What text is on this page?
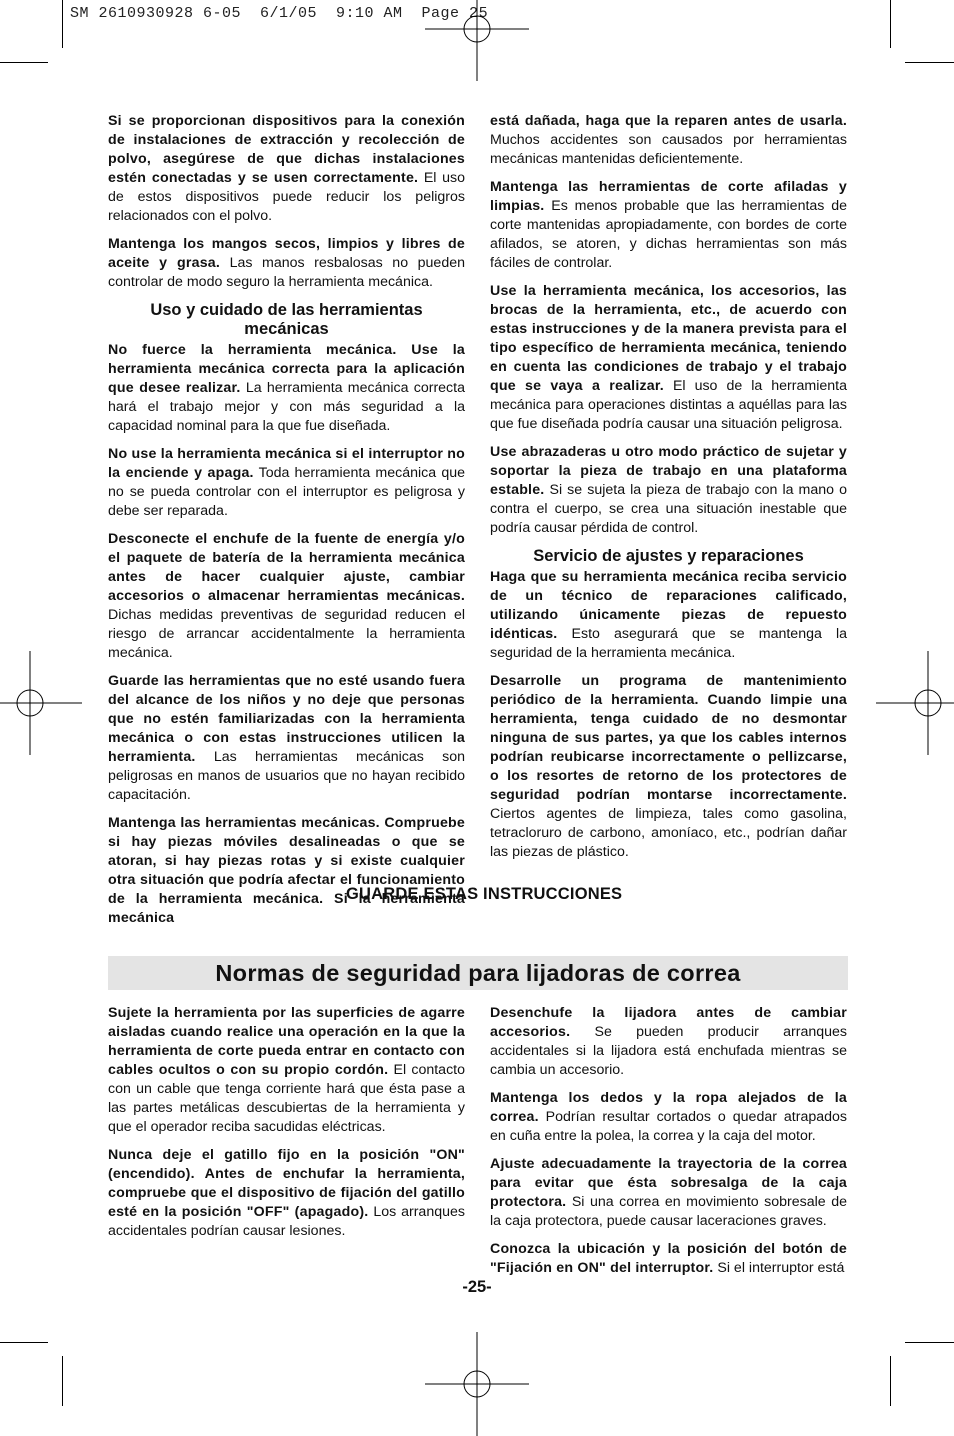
SM 2610930928 6-05  6/1/05  9:10 AM  Page 25

Si se proporcionan dispositivos para la conexión de instalaciones de extracción y recolección de polvo, asegúrese de que dichas instalaciones estén conectadas y se usen correctamente. El uso de estos dispositivos puede reducir los peligros relacionados con el polvo.

Mantenga los mangos secos, limpios y libres de aceite y grasa. Las manos resbalosas no pueden controlar de modo seguro la herramienta mecánica.

Uso y cuidado de las herramientas mecánicas

No fuerce la herramienta mecánica. Use la herramienta mecánica correcta para la aplicación que desee realizar. La herramienta mecánica correcta hará el trabajo mejor y con más seguridad a la capacidad nominal para la que fue diseñada.

No use la herramienta mecánica si el interruptor no la enciende y apaga. Toda herramienta mecánica que no se pueda controlar con el interruptor es peligrosa y debe ser reparada.

Desconecte el enchufe de la fuente de energía y/o el paquete de batería de la herramienta mecánica antes de hacer cualquier ajuste, cambiar accesorios o almacenar herramientas mecánicas. Dichas medidas preventivas de seguridad reducen el riesgo de arrancar accidentalmente la herramienta mecánica.

Guarde las herramientas que no esté usando fuera del alcance de los niños y no deje que personas que no estén familiarizadas con la herramienta mecánica o con estas instrucciones utilicen la herramienta. Las herramientas mecánicas son peligrosas en manos de usuarios que no hayan recibido capacitación.

Mantenga las herramientas mecánicas. Compruebe si hay piezas móviles desalineadas o que se atoran, si hay piezas rotas y si existe cualquier otra situación que podría afectar el funcionamiento de la herramienta mecánica. Si la herramienta mecánica

está dañada, haga que la reparen antes de usarla. Muchos accidentes son causados por herramientas mecánicas mantenidas deficientemente.

Mantenga las herramientas de corte afiladas y limpias. Es menos probable que las herramientas de corte mantenidas apropiadamente, con bordes de corte afilados, se atoren, y dichas herramientas son más fáciles de controlar.

Use la herramienta mecánica, los accesorios, las brocas de la herramienta, etc., de acuerdo con estas instrucciones y de la manera prevista para el tipo específico de herramienta mecánica, teniendo en cuenta las condiciones de trabajo y el trabajo que se vaya a realizar. El uso de la herramienta mecánica para operaciones distintas a aquéllas para las que fue diseñada podría causar una situación peligrosa.

Use abrazaderas u otro modo práctico de sujetar y soportar la pieza de trabajo en una plataforma estable. Si se sujeta la pieza de trabajo con la mano o contra el cuerpo, se crea una situación inestable que podría causar pérdida de control.

Servicio de ajustes y reparaciones

Haga que su herramienta mecánica reciba servicio de un técnico de reparaciones calificado, utilizando únicamente piezas de repuesto idénticas. Esto asegurará que se mantenga la seguridad de la herramienta mecánica.

Desarrolle un programa de mantenimiento periódico de la herramienta. Cuando limpie una herramienta, tenga cuidado de no desmontar ninguna de sus partes, ya que los cables internos podrían reubicarse incorrectamente o pellizcarse, o los resortes de retorno de los protectores de seguridad podrían montarse incorrectamente. Ciertos agentes de limpieza, tales como gasolina, tetracloruro de carbono, amoníaco, etc., podrían dañar las piezas de plástico.

GUARDE ESTAS INSTRUCCIONES
Normas de seguridad para lijadoras de correa

Sujete la herramienta por las superficies de agarre aisladas cuando realice una operación en la que la herramienta de corte pueda entrar en contacto con cables ocultos o con su propio cordón. El contacto con un cable que tenga corriente hará que ésta pase a las partes metálicas descubiertas de la herramienta y que el operador reciba sacudidas eléctricas.

Nunca deje el gatillo fijo en la posición "ON" (encendido). Antes de enchufar la herramienta, compruebe que el dispositivo de fijación del gatillo esté en la posición "OFF" (apagado). Los arranques accidentales podrían causar lesiones.

Desenchufe la lijadora antes de cambiar accesorios. Se pueden producir arranques accidentales si la lijadora está enchufada mientras se cambia un accesorio.

Mantenga los dedos y la ropa alejados de la correa. Podrían resultar cortados o quedar atrapados en cuña entre la polea, la correa y la caja del motor.

Ajuste adecuadamente la trayectoria de la correa para evitar que ésta sobresalga de la caja protectora. Si una correa en movimiento sobresale de la caja protectora, puede causar laceraciones graves.

Conozca la ubicación y la posición del botón de "Fijación en ON" del interruptor. Si el interruptor está

-25-
